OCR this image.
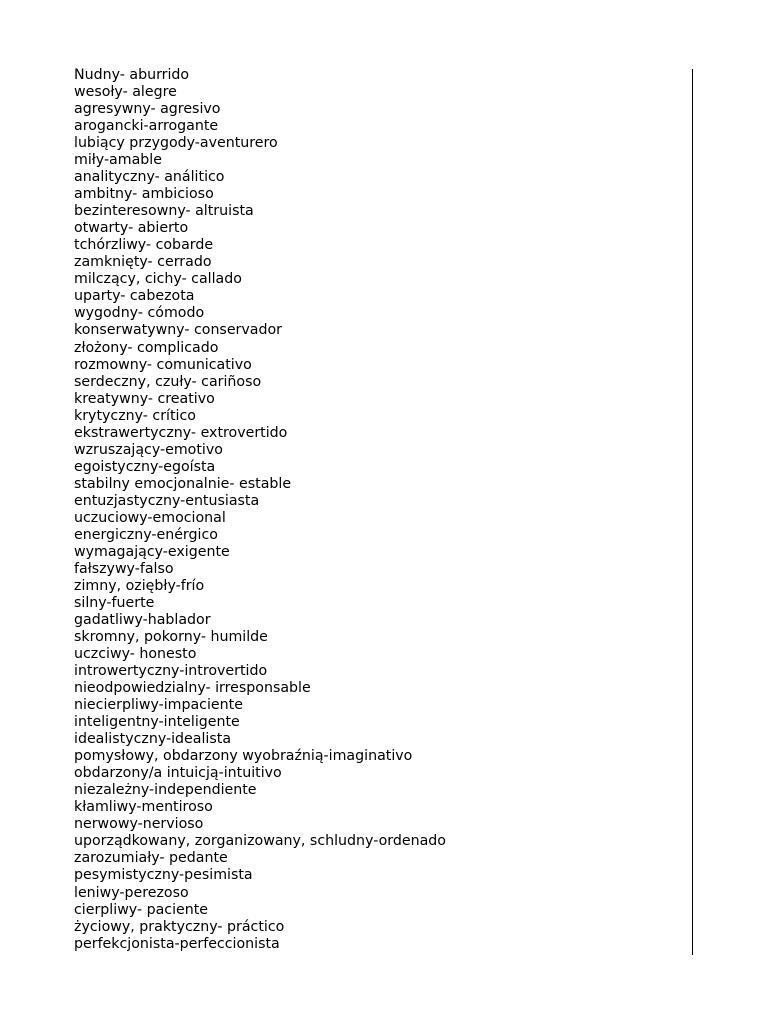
Nudny- aburrido
wesoły- alegre
agresywny- agresivo
arogancki-arrogante
lubiący przygody-aventurero
miły-amable
analityczny- análitico
ambitny- ambicioso
bezinteresowny- altruista
otwarty- abierto
tchórzliwy- cobarde
zamknięty- cerrado
milczący, cichy- callado
uparty- cabezota
wygodny- cómodo
konserwatywny- conservador
złożony- complicado
rozmowny- comunicativo
serdeczny, czuły- cariñoso
kreatywny- creativo
krytyczny- crítico
ekstrawertyczny- extrovertido
wzruszający-emotivo
egoistyczny-egoísta
stabilny emocjonalnie- estable
entuzjastyczny-entusiasta
uczuciowy-emocional
energiczny-enérgico
wymagający-exigente
fałszywy-falso
zimny, oziębły-frío
silny-fuerte
gadatliwy-hablador
skromny, pokorny- humilde
uczciwy- honesto
introwertyczny-introvertido
nieodpowiedzialny- irresponsable
niecierpliwy-impaciente
inteligentny-inteligente
idealistyczny-idealista
pomysłowy, obdarzony wyobraźnią-imaginativo
obdarzony/a intuicją-intuitivo
niezależny-independiente
kłamliwy-mentiroso
nerwowy-nervioso
uporządkowany, zorganizowany, schludny-ordenado
zarozumiały- pedante
pesymistyczny-pesimista
leniwy-perezoso
cierpliwy- paciente
życiowy, praktyczny- práctico
perfekcjonista-perfeccionista
